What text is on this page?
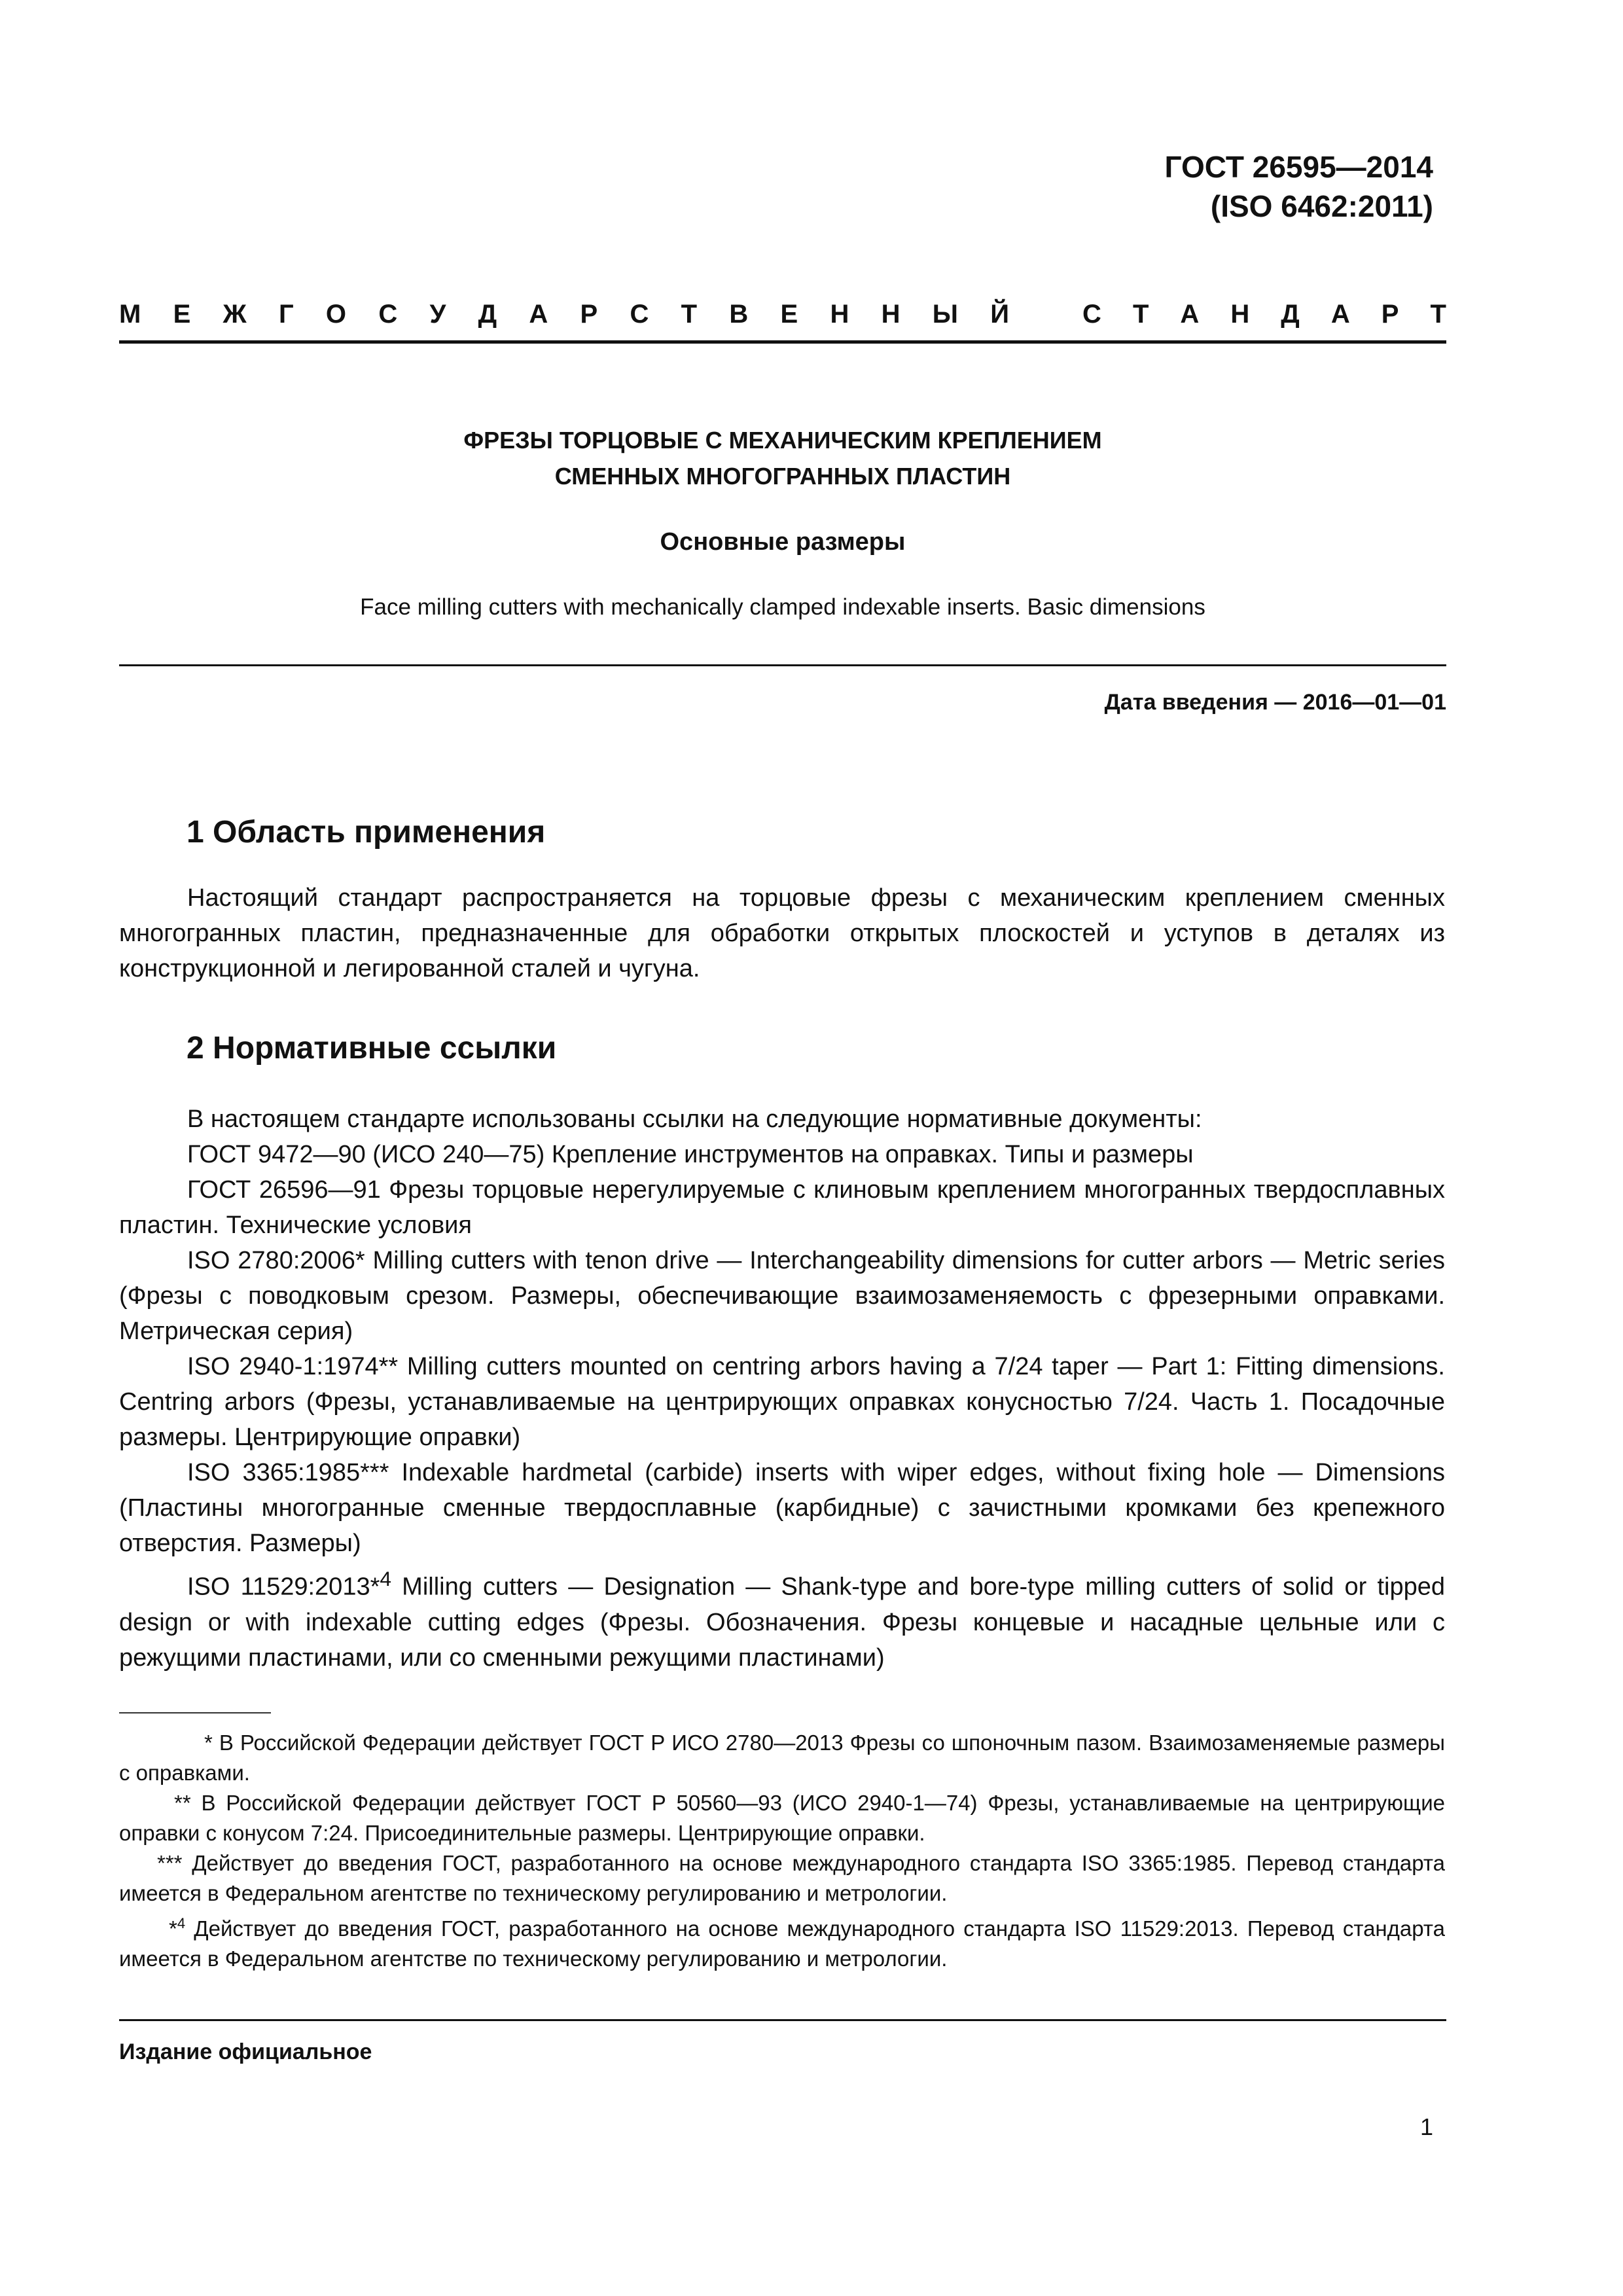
ГОСТ 26595—2014
(ISO 6462:2011)
М Е Ж Г О С У Д А Р С Т В Е Н Н Ы Й	С Т А Н Д А Р Т
ФРЕЗЫ ТОРЦОВЫЕ С МЕХАНИЧЕСКИМ КРЕПЛЕНИЕМ
СМЕННЫХ МНОГОГРАННЫХ ПЛАСТИН
Основные размеры
Face milling cutters with mechanically clamped indexable inserts. Basic dimensions
Дата введения — 2016—01—01
1 Область применения

Настоящий стандарт распространяется на торцовые фрезы с механическим креплением сменных многогранных пластин, предназначенные для обработки открытых плоскостей и уступов в деталях из конструкционной и легированной сталей и чугуна.

2 Нормативные ссылки

В настоящем стандарте использованы ссылки на следующие нормативные документы:

ГОСТ 9472—90 (ИСО 240—75) Крепление инструментов на оправках. Типы и размеры

ГОСТ 26596—91 Фрезы торцовые нерегулируемые с клиновым креплением многогранных твердосплавных пластин. Технические условия

ISO 2780:2006* Milling cutters with tenon drive — Interchangeability dimensions for cutter arbors — Metric series (Фрезы с поводковым срезом. Размеры, обеспечивающие взаимозаменяемость с фрезерными оправками. Метрическая серия)

ISO 2940-1:1974** Milling cutters mounted on centring arbors having a 7/24 taper — Part 1: Fitting dimensions. Centring arbors (Фрезы, устанавливаемые на центрирующих оправках конусностью 7/24. Часть 1. Посадочные размеры. Центрирующие оправки)

ISO 3365:1985*** Indexable hardmetal (carbide) inserts with wiper edges, without fixing hole — Dimensions (Пластины многогранные сменные твердосплавные (карбидные) с зачистными кромками без крепежного отверстия. Размеры)

ISO 11529:2013*$^4$ Milling cutters — Designation — Shank-type and bore-type milling cutters of solid or tipped design or with indexable cutting edges (Фрезы. Обозначения. Фрезы концевые и насадные цельные или с режущими пластинами, или со сменными режущими пластинами)

* В Российской Федерации действует ГОСТ Р ИСО 2780—2013 Фрезы со шпоночным пазом. Взаимозаменяемые размеры с оправками.

** В Российской Федерации действует ГОСТ Р 50560—93 (ИСО 2940-1—74) Фрезы, устанавливаемые на центрирующие оправки с конусом 7:24. Присоединительные размеры. Центрирующие оправки.

*** Действует до введения ГОСТ, разработанного на основе международного стандарта ISO 3365:1985. Перевод стандарта имеется в Федеральном агентстве по техническому регулированию и метрологии.

*$^4$ Действует до введения ГОСТ, разработанного на основе международного стандарта ISO 11529:2013. Перевод стандарта имеется в Федеральном агентстве по техническому регулированию и метрологии.

Издание официальное
1
